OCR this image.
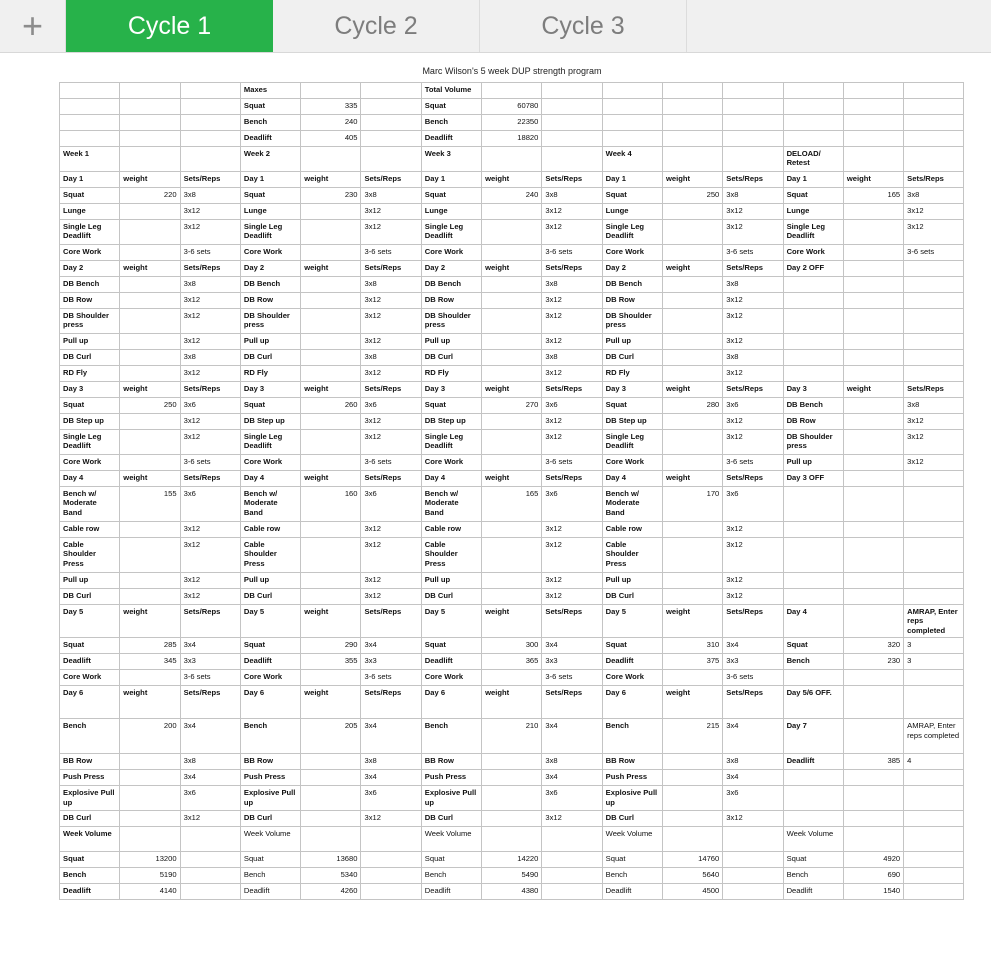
+	Cycle 1	Cycle 2	Cycle 3
Marc Wilson's 5 week DUP strength program
			Maxes			Total Volume								
			Squat	335		Squat	60780							
			Bench	240		Bench	22350							
			Deadlift	405		Deadlift	18820							
Week 1			Week 2			Week 3			Week 4			DELOAD/ Retest		
Day 1	weight	Sets/Reps	Day 1	weight	Sets/Reps	Day 1	weight	Sets/Reps	Day 1	weight	Sets/Reps	Day 1	weight	Sets/Reps
Squat	220	3x8	Squat	230	3x8	Squat	240	3x8	Squat	250	3x8	Squat	165	3x8
Lunge		3x12	Lunge		3x12	Lunge		3x12	Lunge		3x12	Lunge		3x12
Single Leg Deadlift		3x12	Single Leg Deadlift		3x12	Single Leg Deadlift		3x12	Single Leg Deadlift		3x12	Single Leg Deadlift		3x12
Core Work		3-6 sets	Core Work		3-6 sets	Core Work		3-6 sets	Core Work		3-6 sets	Core Work		3-6 sets
Day 2	weight	Sets/Reps	Day 2	weight	Sets/Reps	Day 2	weight	Sets/Reps	Day 2	weight	Sets/Reps	Day 2 OFF		
DB Bench		3x8	DB Bench		3x8	DB Bench		3x8	DB Bench		3x8			
DB Row		3x12	DB Row		3x12	DB Row		3x12	DB Row		3x12			
DB Shoulder press		3x12	DB Shoulder press		3x12	DB Shoulder press		3x12	DB Shoulder press		3x12			
Pull up		3x12	Pull up		3x12	Pull up		3x12	Pull up		3x12			
DB Curl		3x8	DB Curl		3x8	DB Curl		3x8	DB Curl		3x8			
RD Fly		3x12	RD Fly		3x12	RD Fly		3x12	RD Fly		3x12			
Day 3	weight	Sets/Reps	Day 3	weight	Sets/Reps	Day 3	weight	Sets/Reps	Day 3	weight	Sets/Reps	Day 3	weight	Sets/Reps
Squat	250	3x6	Squat	260	3x6	Squat	270	3x6	Squat	280	3x6	DB Bench		3x8
DB Step up		3x12	DB Step up		3x12	DB Step up		3x12	DB Step up		3x12	DB Row		3x12
Single Leg Deadlift		3x12	Single Leg Deadlift		3x12	Single Leg Deadlift		3x12	Single Leg Deadlift		3x12	DB Shoulder press		3x12
Core Work		3-6 sets	Core Work		3-6 sets	Core Work		3-6 sets	Core Work		3-6 sets	Pull up		3x12
Day 4	weight	Sets/Reps	Day 4	weight	Sets/Reps	Day 4	weight	Sets/Reps	Day 4	weight	Sets/Reps	Day 3 OFF		
Bench w/ Moderate Band	155	3x6	Bench w/ Moderate Band	160	3x6	Bench w/ Moderate Band	165	3x6	Bench w/ Moderate Band	170	3x6			
Cable row		3x12	Cable row		3x12	Cable row		3x12	Cable row		3x12			
Cable Shoulder Press		3x12	Cable Shoulder Press		3x12	Cable Shoulder Press		3x12	Cable Shoulder Press		3x12			
Pull up		3x12	Pull up		3x12	Pull up		3x12	Pull up		3x12			
DB Curl		3x12	DB Curl		3x12	DB Curl		3x12	DB Curl		3x12			
Day 5	weight	Sets/Reps	Day 5	weight	Sets/Reps	Day 5	weight	Sets/Reps	Day 5	weight	Sets/Reps	Day 4		AMRAP, Enter reps completed
Squat	285	3x4	Squat	290	3x4	Squat	300	3x4	Squat	310	3x4	Squat	320	3
Deadlift	345	3x3	Deadlift	355	3x3	Deadlift	365	3x3	Deadlift	375	3x3	Bench	230	3
Core Work		3-6 sets	Core Work		3-6 sets	Core Work		3-6 sets	Core Work		3-6 sets			
Day 6	weight	Sets/Reps	Day 6	weight	Sets/Reps	Day 6	weight	Sets/Reps	Day 6	weight	Sets/Reps	Day 5/6 OFF.		
Bench	200	3x4	Bench	205	3x4	Bench	210	3x4	Bench	215	3x4	Day 7		AMRAP, Enter reps completed
BB Row		3x8	BB Row		3x8	BB Row		3x8	BB Row		3x8	Deadlift	385	4
Push Press		3x4	Push Press		3x4	Push Press		3x4	Push Press		3x4			
Explosive Pull up		3x6	Explosive Pull up		3x6	Explosive Pull up		3x6	Explosive Pull up		3x6			
DB Curl		3x12	DB Curl		3x12	DB Curl		3x12	DB Curl		3x12			
Week Volume			Week Volume			Week Volume			Week Volume			Week Volume		
Squat	13200		Squat	13680		Squat	14220		Squat	14760		Squat	4920	
Bench	5190		Bench	5340		Bench	5490		Bench	5640		Bench	690	
Deadlift	4140		Deadlift	4260		Deadlift	4380		Deadlift	4500		Deadlift	1540	
